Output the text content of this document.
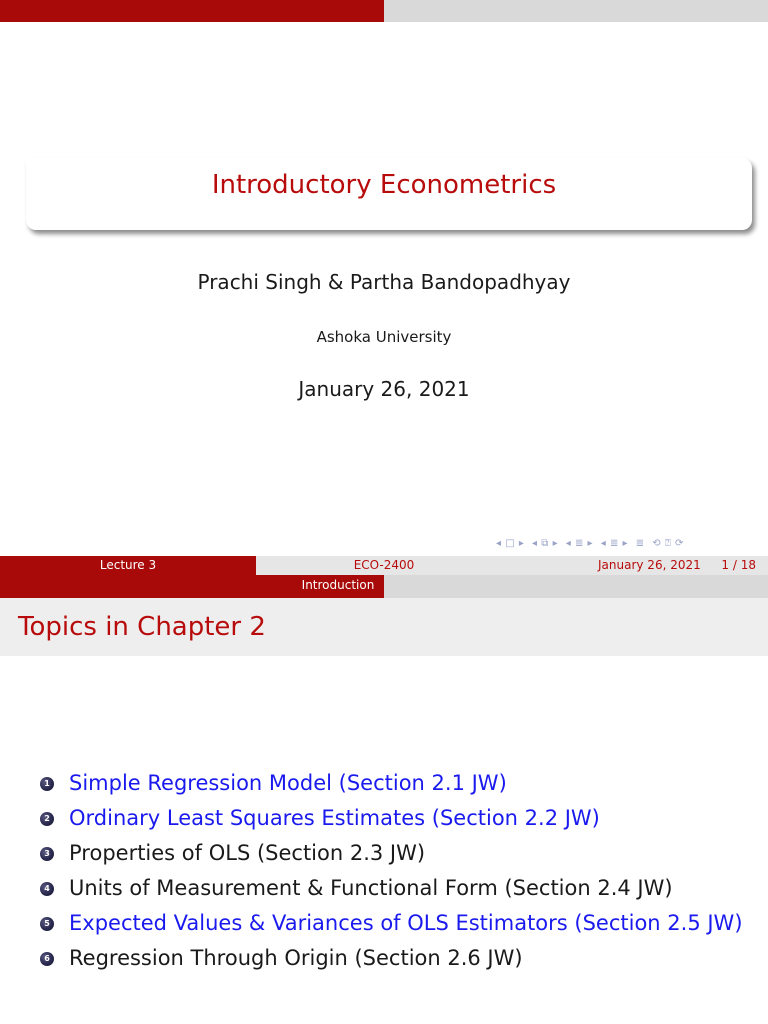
Introductory Econometrics
Prachi Singh & Partha Bandopadhyay
Ashoka University
January 26, 2021
◂ □ ▸ ◂ ⧉ ▸ ◂ ≣ ▸ ◂ ≣ ▸ ≣ ⟲ ⍰ ⟳
Lecture 3	ECO-2400	January 26, 2021 1 / 18
Introduction
Topics in Chapter 2
1 Simple Regression Model (Section 2.1 JW)
2 Ordinary Least Squares Estimates (Section 2.2 JW)
3 Properties of OLS (Section 2.3 JW)
4 Units of Measurement & Functional Form (Section 2.4 JW)
5 Expected Values & Variances of OLS Estimators (Section 2.5 JW)
6 Regression Through Origin (Section 2.6 JW)
